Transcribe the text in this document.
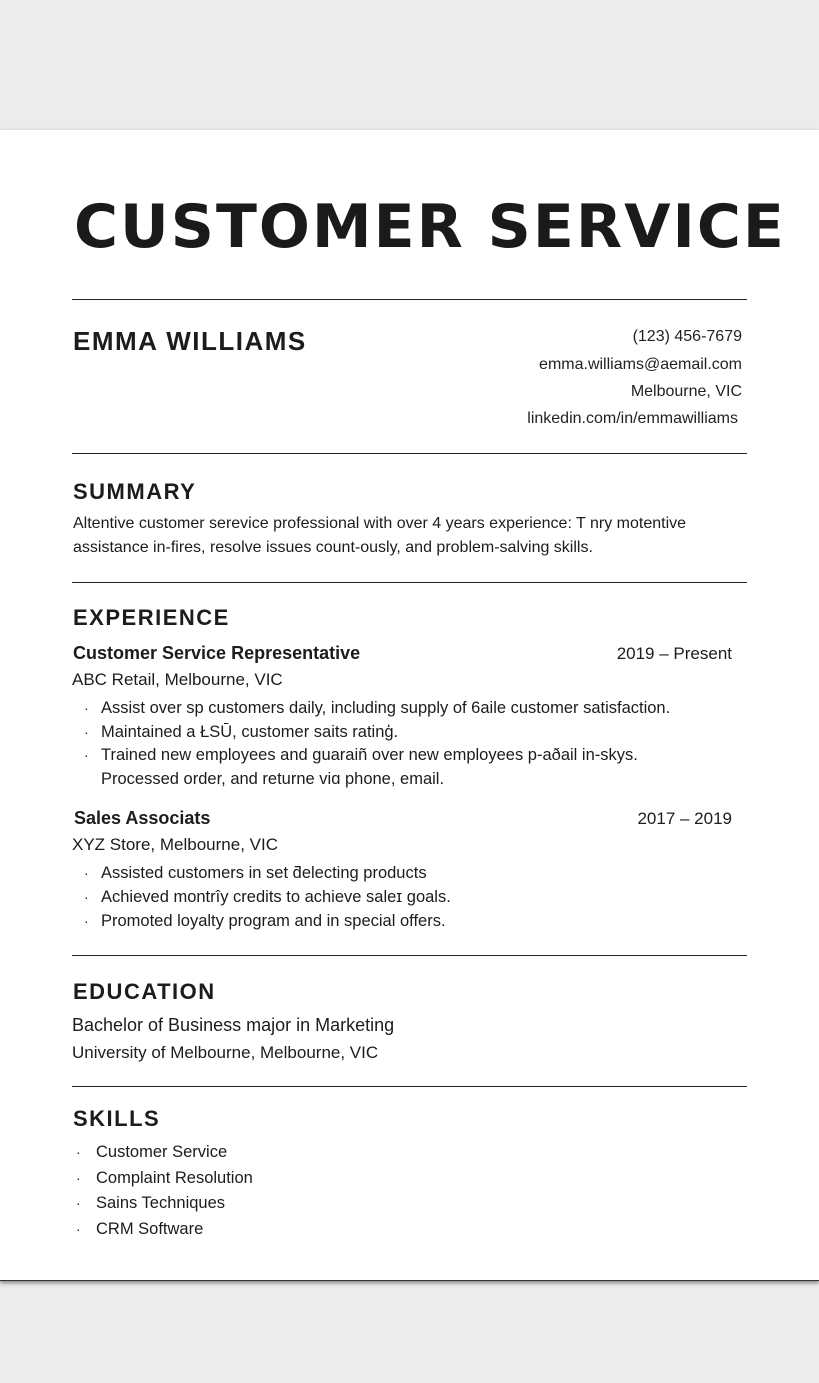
CUSTOMER SERVICE
EMMA WILLIAMS	(123) 456-7679
emma.williams@aemail.com
Melbourne, VIC
linkedin.com/in/emmawilliams
SUMMARY
Altentive customer serevice professional with over 4 years experience: T nry motentive
assistance in-fires, resolve issues count-ously, and problem-salving skills.
EXPERIENCE
Customer Service Representative	2019 – Present
ABC Retail, Melbourne, VIC
· Assist over sp customers daily, including supply of 6aile customer satisfaction.
· Maintained a ŁSŪ, customer saits ratinģ.
· Trained new employees and guaraiñ over new employees p-aðail in-skys.
Processed order, and returne viɑ phone, email.
Sales Associats	2017 – 2019
XYZ Store, Melbourne, VIC
· Assisted customers in set ƌelecting products
· Achieved montrîy credits to achieve saleɪ goals.
· Promoted loyalty program and in special offers.
EDUCATION
Bachelor of Business major in Marketing
University of Melbourne, Melbourne, VIC
SKILLS
· Customer Service
· Complaint Resolution
· Sains Techniques
· CRM Software
